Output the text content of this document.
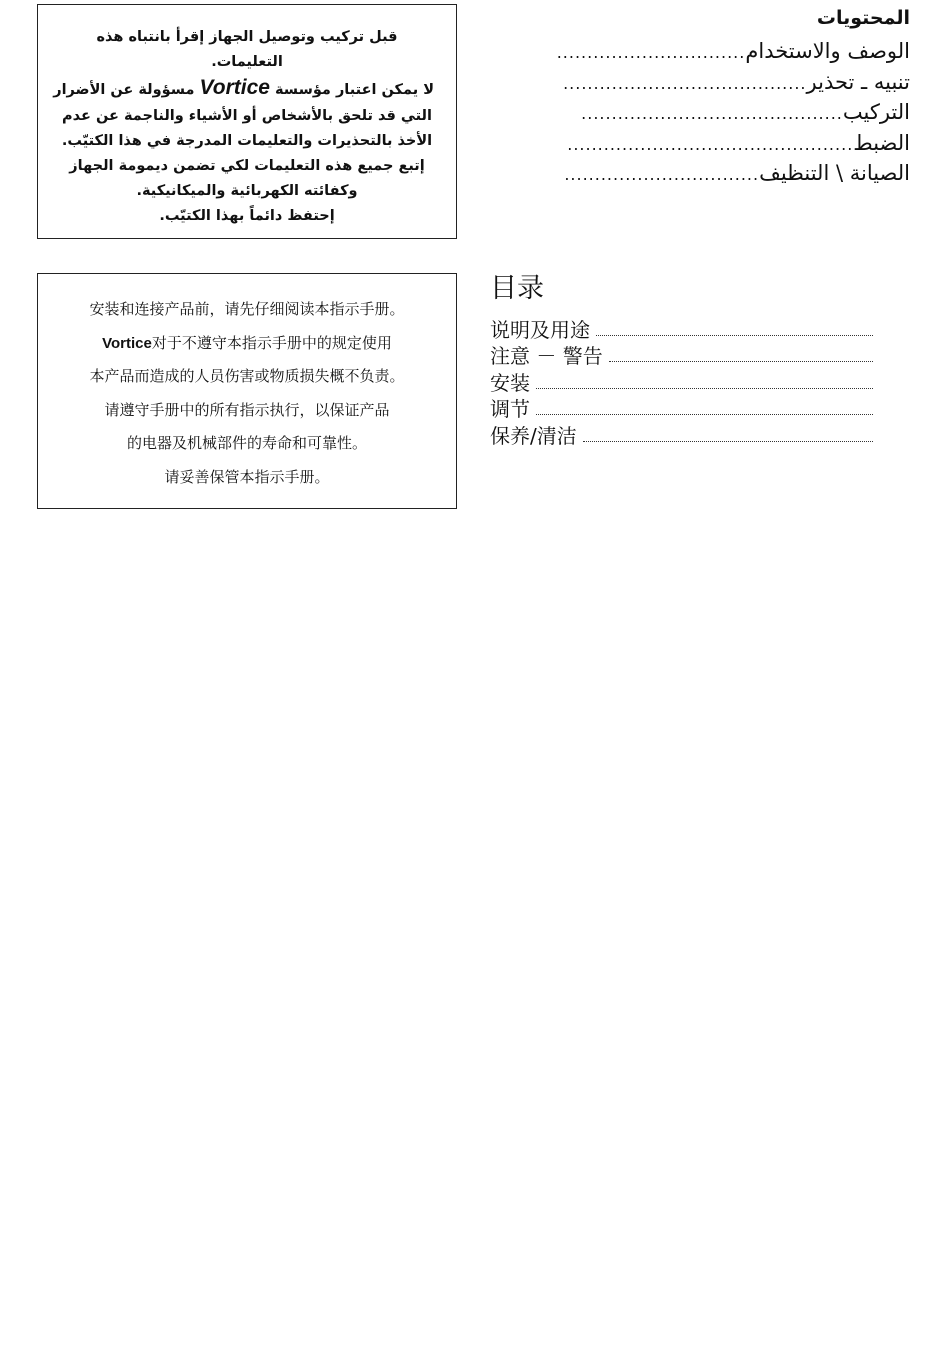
قبل تركيب وتوصيل الجهاز إقرأ بانتباه هذه
التعليمات.
لا يمكن اعتبار مؤسسة Vortice مسؤولة عن الأضرار
التي قد تلحق بالأشخاص أو الأشياء والناجمة عن عدم
الأخذ بالتحذيرات والتعليمات المدرجة في هذا الكتيّب.
إتبع جميع هذه التعليمات لكي تضمن ديمومة الجهاز
وكفائته الكهربائية والميكانيكية.
إحتفظ دائماً بهذا الكتيّب.
المحتويات
الوصف والاستخدام
...............................
تنبيه ـ تحذير
........................................
التركيب
...........................................
الضبط
...............................................
الصيانة \ التنظيف
................................
安装和连接产品前，请先仔细阅读本指示手册。
Vortice对于不遵守本指示手册中的规定使用
本产品而造成的人员伤害或物质损失概不负责。
请遵守手册中的所有指示执行，以保证产品
的电器及机械部件的寿命和可靠性。
请妥善保管本指示手册。
目录
说明及用途
注意 － 警告
安装
调节
保养/清洁
